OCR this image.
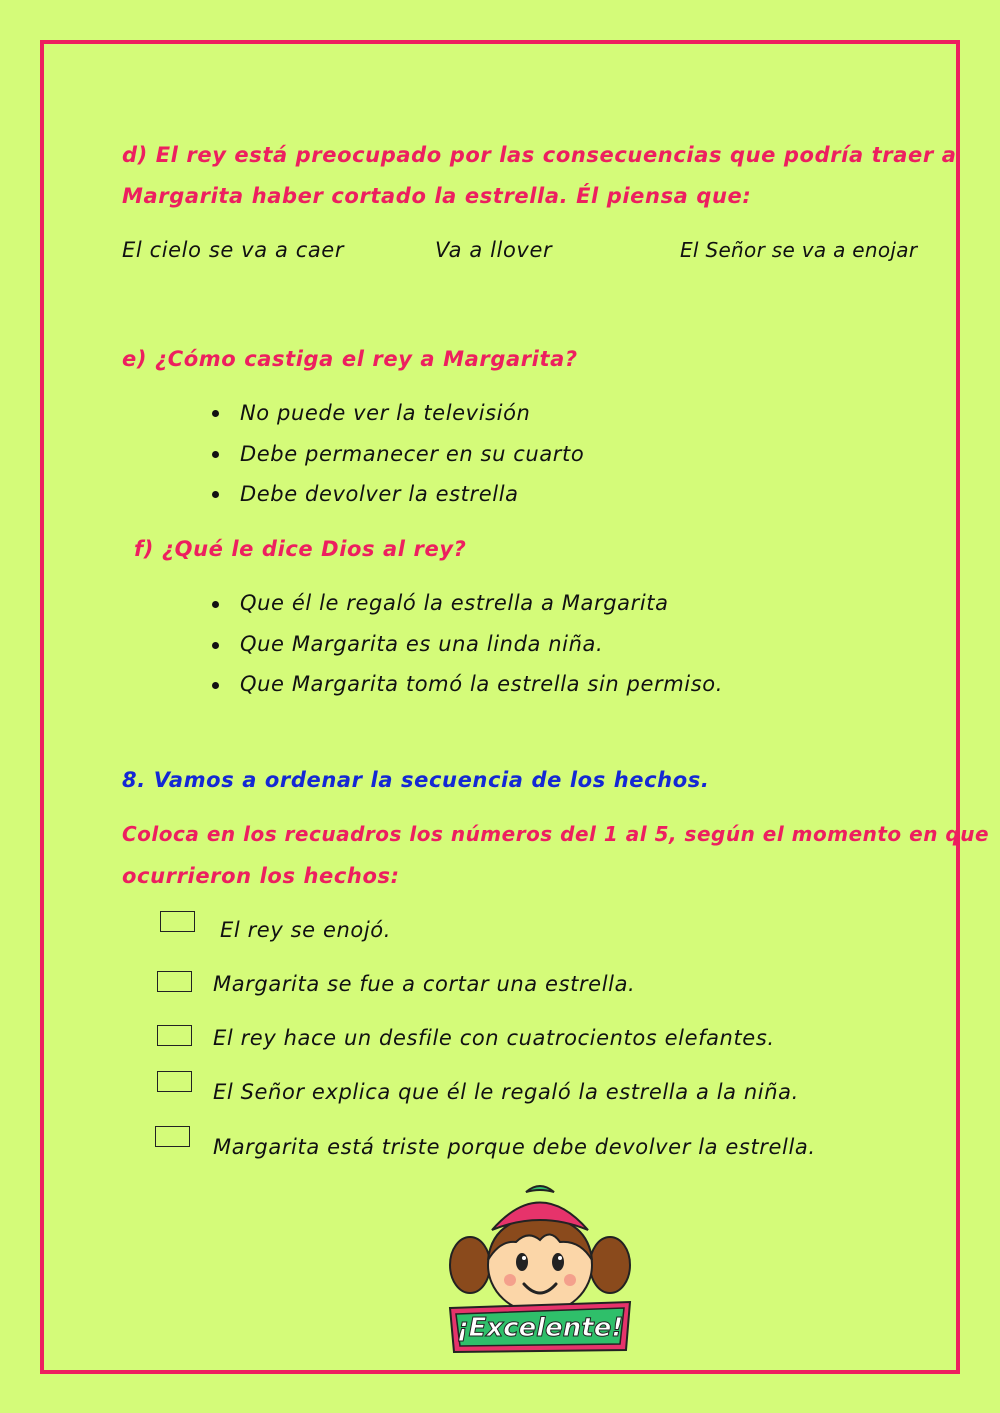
d) El rey está preocupado por las consecuencias que podría traer a
Margarita haber cortado la estrella. Él piensa que:
El cielo se va a caer	Va a llover	El Señor se va a enojar
e) ¿Cómo castiga el rey a Margarita?
No puede ver la televisión
Debe permanecer en su cuarto
Debe devolver la estrella
f) ¿Qué le dice Dios al rey?
Que él le regaló la estrella a Margarita
Que Margarita es una linda niña.
Que Margarita tomó la estrella sin permiso.
8. Vamos a ordenar la secuencia de los hechos.
Coloca en los recuadros los números del 1 al 5, según el momento en que
ocurrieron los hechos:
El rey se enojó.
Margarita se fue a cortar una estrella.
El rey hace un desfile con cuatrocientos elefantes.
El Señor explica que él le regaló la estrella a la niña.
Margarita está triste porque debe devolver la estrella.
¡Excelente!
